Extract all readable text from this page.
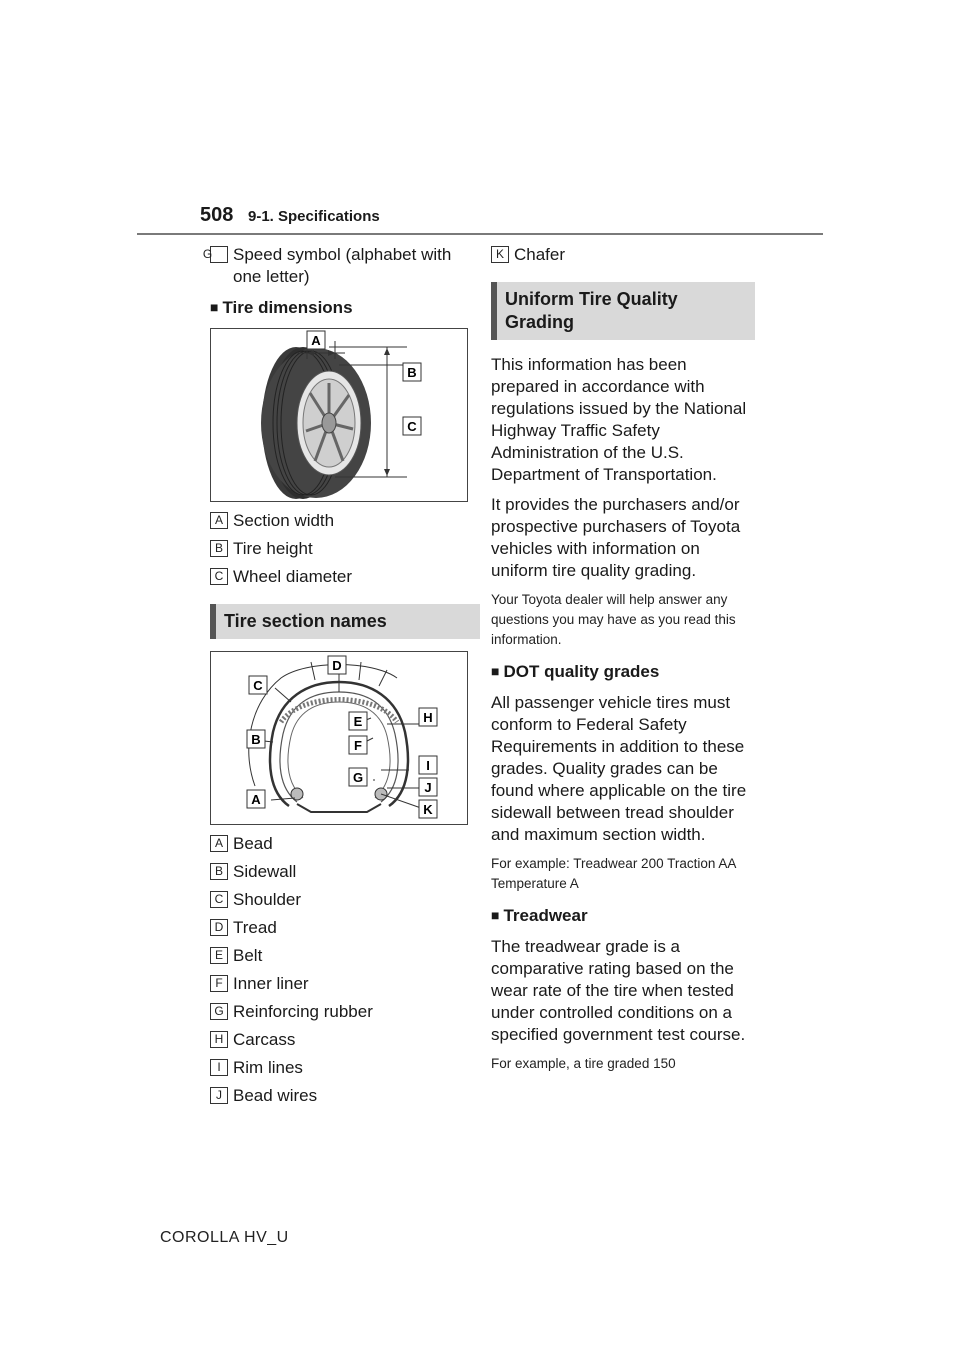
508 9-1. Specifications
G Speed symbol (alphabet with one letter)
■ Tire dimensions
A
B
C
A Section width
B Tire height
C Wheel diameter
Tire section names
A
B
C
D
E
F
G
H
I
J
K
A Bead
B Sidewall
C Shoulder
D Tread
E Belt
F Inner liner
G Reinforcing rubber
H Carcass
I Rim lines
J Bead wires
K Chafer
Uniform Tire Quality Grading

This information has been prepared in accordance with regulations issued by the National Highway Traffic Safety Administration of the U.S. Department of Transportation.

It provides the purchasers and/or prospective purchasers of Toyota vehicles with information on uniform tire quality grading.

Your Toyota dealer will help answer any questions you may have as you read this information.

■ DOT quality grades

All passenger vehicle tires must conform to Federal Safety Requirements in addition to these grades. Quality grades can be found where applicable on the tire sidewall between tread shoulder and maximum section width.

For example: Treadwear 200 Traction AA Temperature A

■ Treadwear

The treadwear grade is a comparative rating based on the wear rate of the tire when tested under controlled conditions on a specified government test course.

For example, a tire graded 150

COROLLA HV_U
